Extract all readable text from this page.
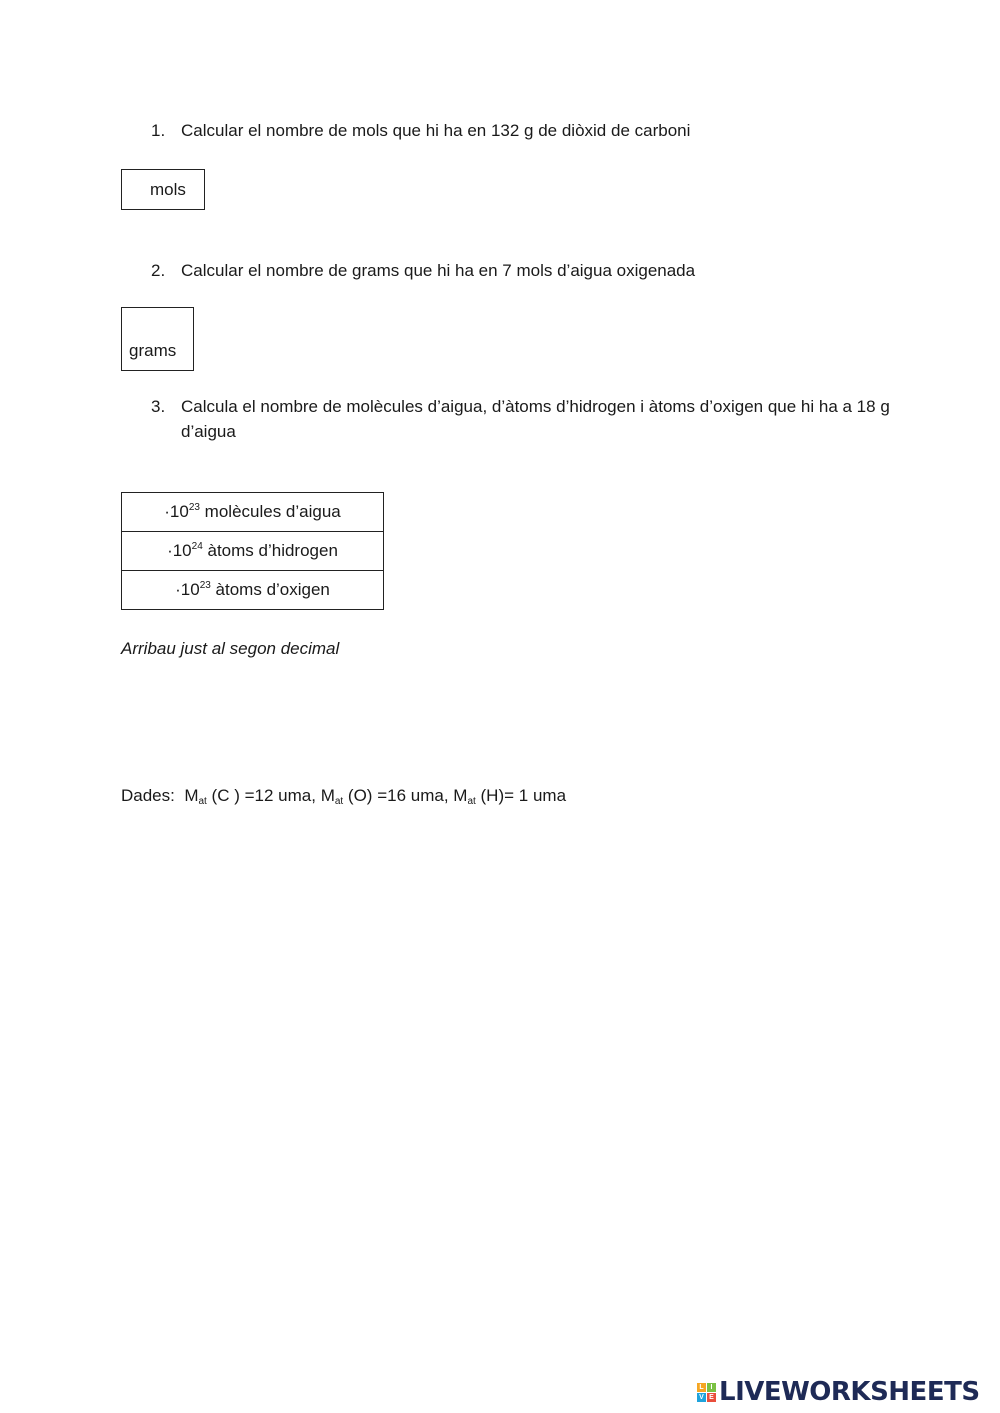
1. Calcular el nombre de mols que hi ha en 132 g de diòxid de carboni
mols
2. Calcular el nombre de grams que hi ha en 7 mols d’aigua oxigenada
grams
3. Calcula el nombre de molècules d’aigua, d’àtoms d’hidrogen i àtoms d’oxigen que hi ha a 18 g d’aigua
$\cdot 10^{23}$ molècules d’aigua
$\cdot 10^{24}$ àtoms d’hidrogen
$\cdot 10^{23}$ àtoms d’oxigen
Arribau just al segon decimal
Dades:  $M_{at}$ (C ) =12 uma, $M_{at}$ (O) =16 uma, $M_{at}$ (H)= 1 uma
L I
V E LIVEWORKSHEETS
